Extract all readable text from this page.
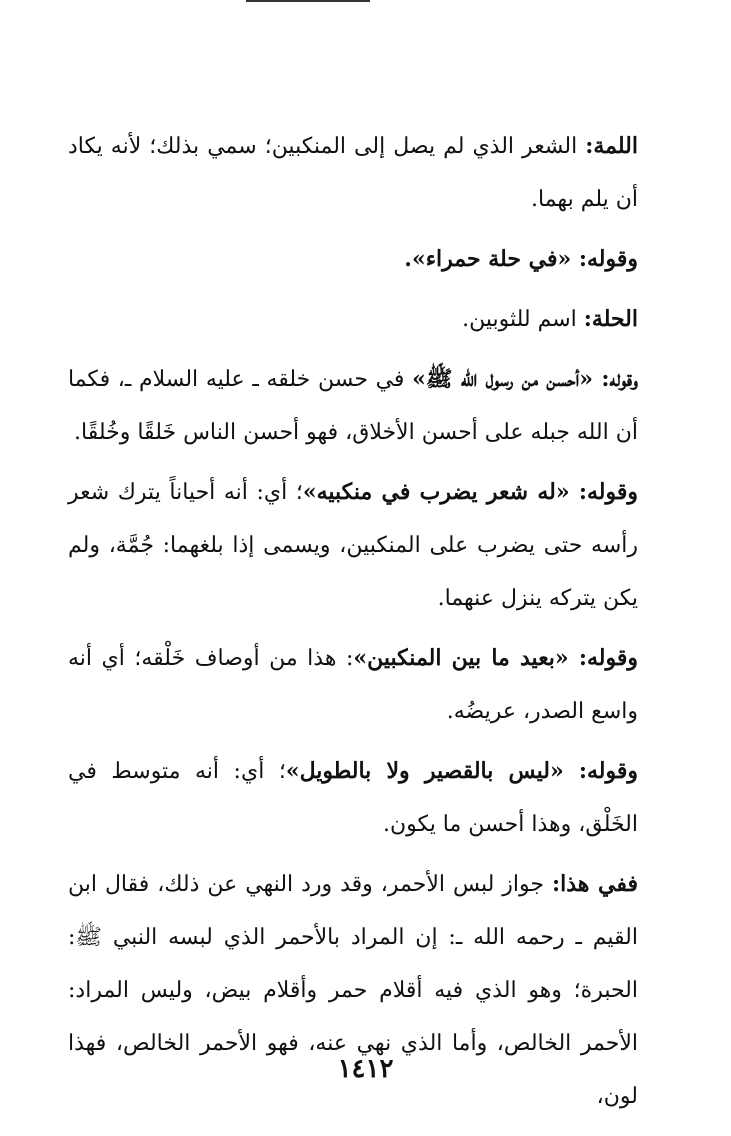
اللمة: الشعر الذي لم يصل إلى المنكبين؛ سمي بذلك؛ لأنه يكاد أن يلم بهما.

وقوله: «في حلة حمراء».

الحلة: اسم للثوبين.

وقوله: «أحسن من رسول الله ﷺ» في حسن خلقه ـ عليه السلام ـ، فكما أن الله جبله على أحسن الأخلاق، فهو أحسن الناس خَلقًا وخُلقًا.

وقوله: «له شعر يضرب في منكبيه»؛ أي: أنه أحياناً يترك شعر رأسه حتى يضرب على المنكبين، ويسمى إذا بلغهما: جُمَّة، ولم يكن يتركه ينزل عنهما.

وقوله: «بعيد ما بين المنكبين»: هذا من أوصاف خَلْقه؛ أي أنه واسع الصدر، عريضُه.

وقوله: «ليس بالقصير ولا بالطويل»؛ أي: أنه متوسط في الخَلْق، وهذا أحسن ما يكون.

ففي هذا: جواز لبس الأحمر، وقد ورد النهي عن ذلك، فقال ابن القيم ـ رحمه الله ـ: إن المراد بالأحمر الذي لبسه النبي ﷺ: الحبرة؛ وهو الذي فيه أقلام حمر وأقلام بيض، وليس المراد: الأحمر الخالص، وأما الذي نهي عنه، فهو الأحمر الخالص، فهذا لون،

١٤١٢
